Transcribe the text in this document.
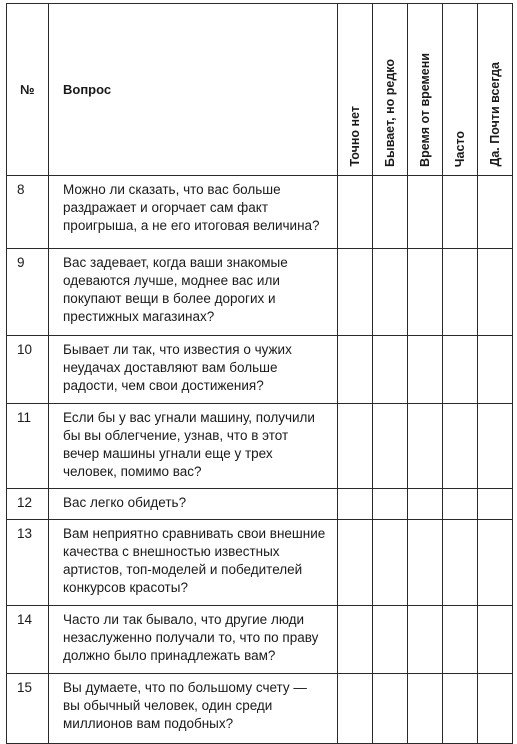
№	Вопрос	Точно нет	Бывает, но редко	Время от времени	Часто	Да. Почти всегда

8	Можно ли сказать, что вас больше раздражает и огорчает сам факт проигрыша, а не его итоговая величина?					
9	Вас задевает, когда ваши знакомые одеваются лучше, моднее вас или покупают вещи в более дорогих и престижных магазинах?					
10	Бывает ли так, что известия о чужих неудачах доставляют вам больше радости, чем свои достижения?					
11	Если бы у вас угнали машину, получили бы вы облегчение, узнав, что в этот вечер машины угнали еще у трех человек, помимо вас?					
12	Вас легко обидеть?					
13	Вам неприятно сравнивать свои внешние качества с внешностью известных артистов, топ-моделей и победителей конкурсов красоты?					
14	Часто ли так бывало, что другие люди незаслуженно получали то, что по праву должно было принадлежать вам?					
15	Вы думаете, что по большому счету — вы обычный человек, один среди миллионов вам подобных?					
